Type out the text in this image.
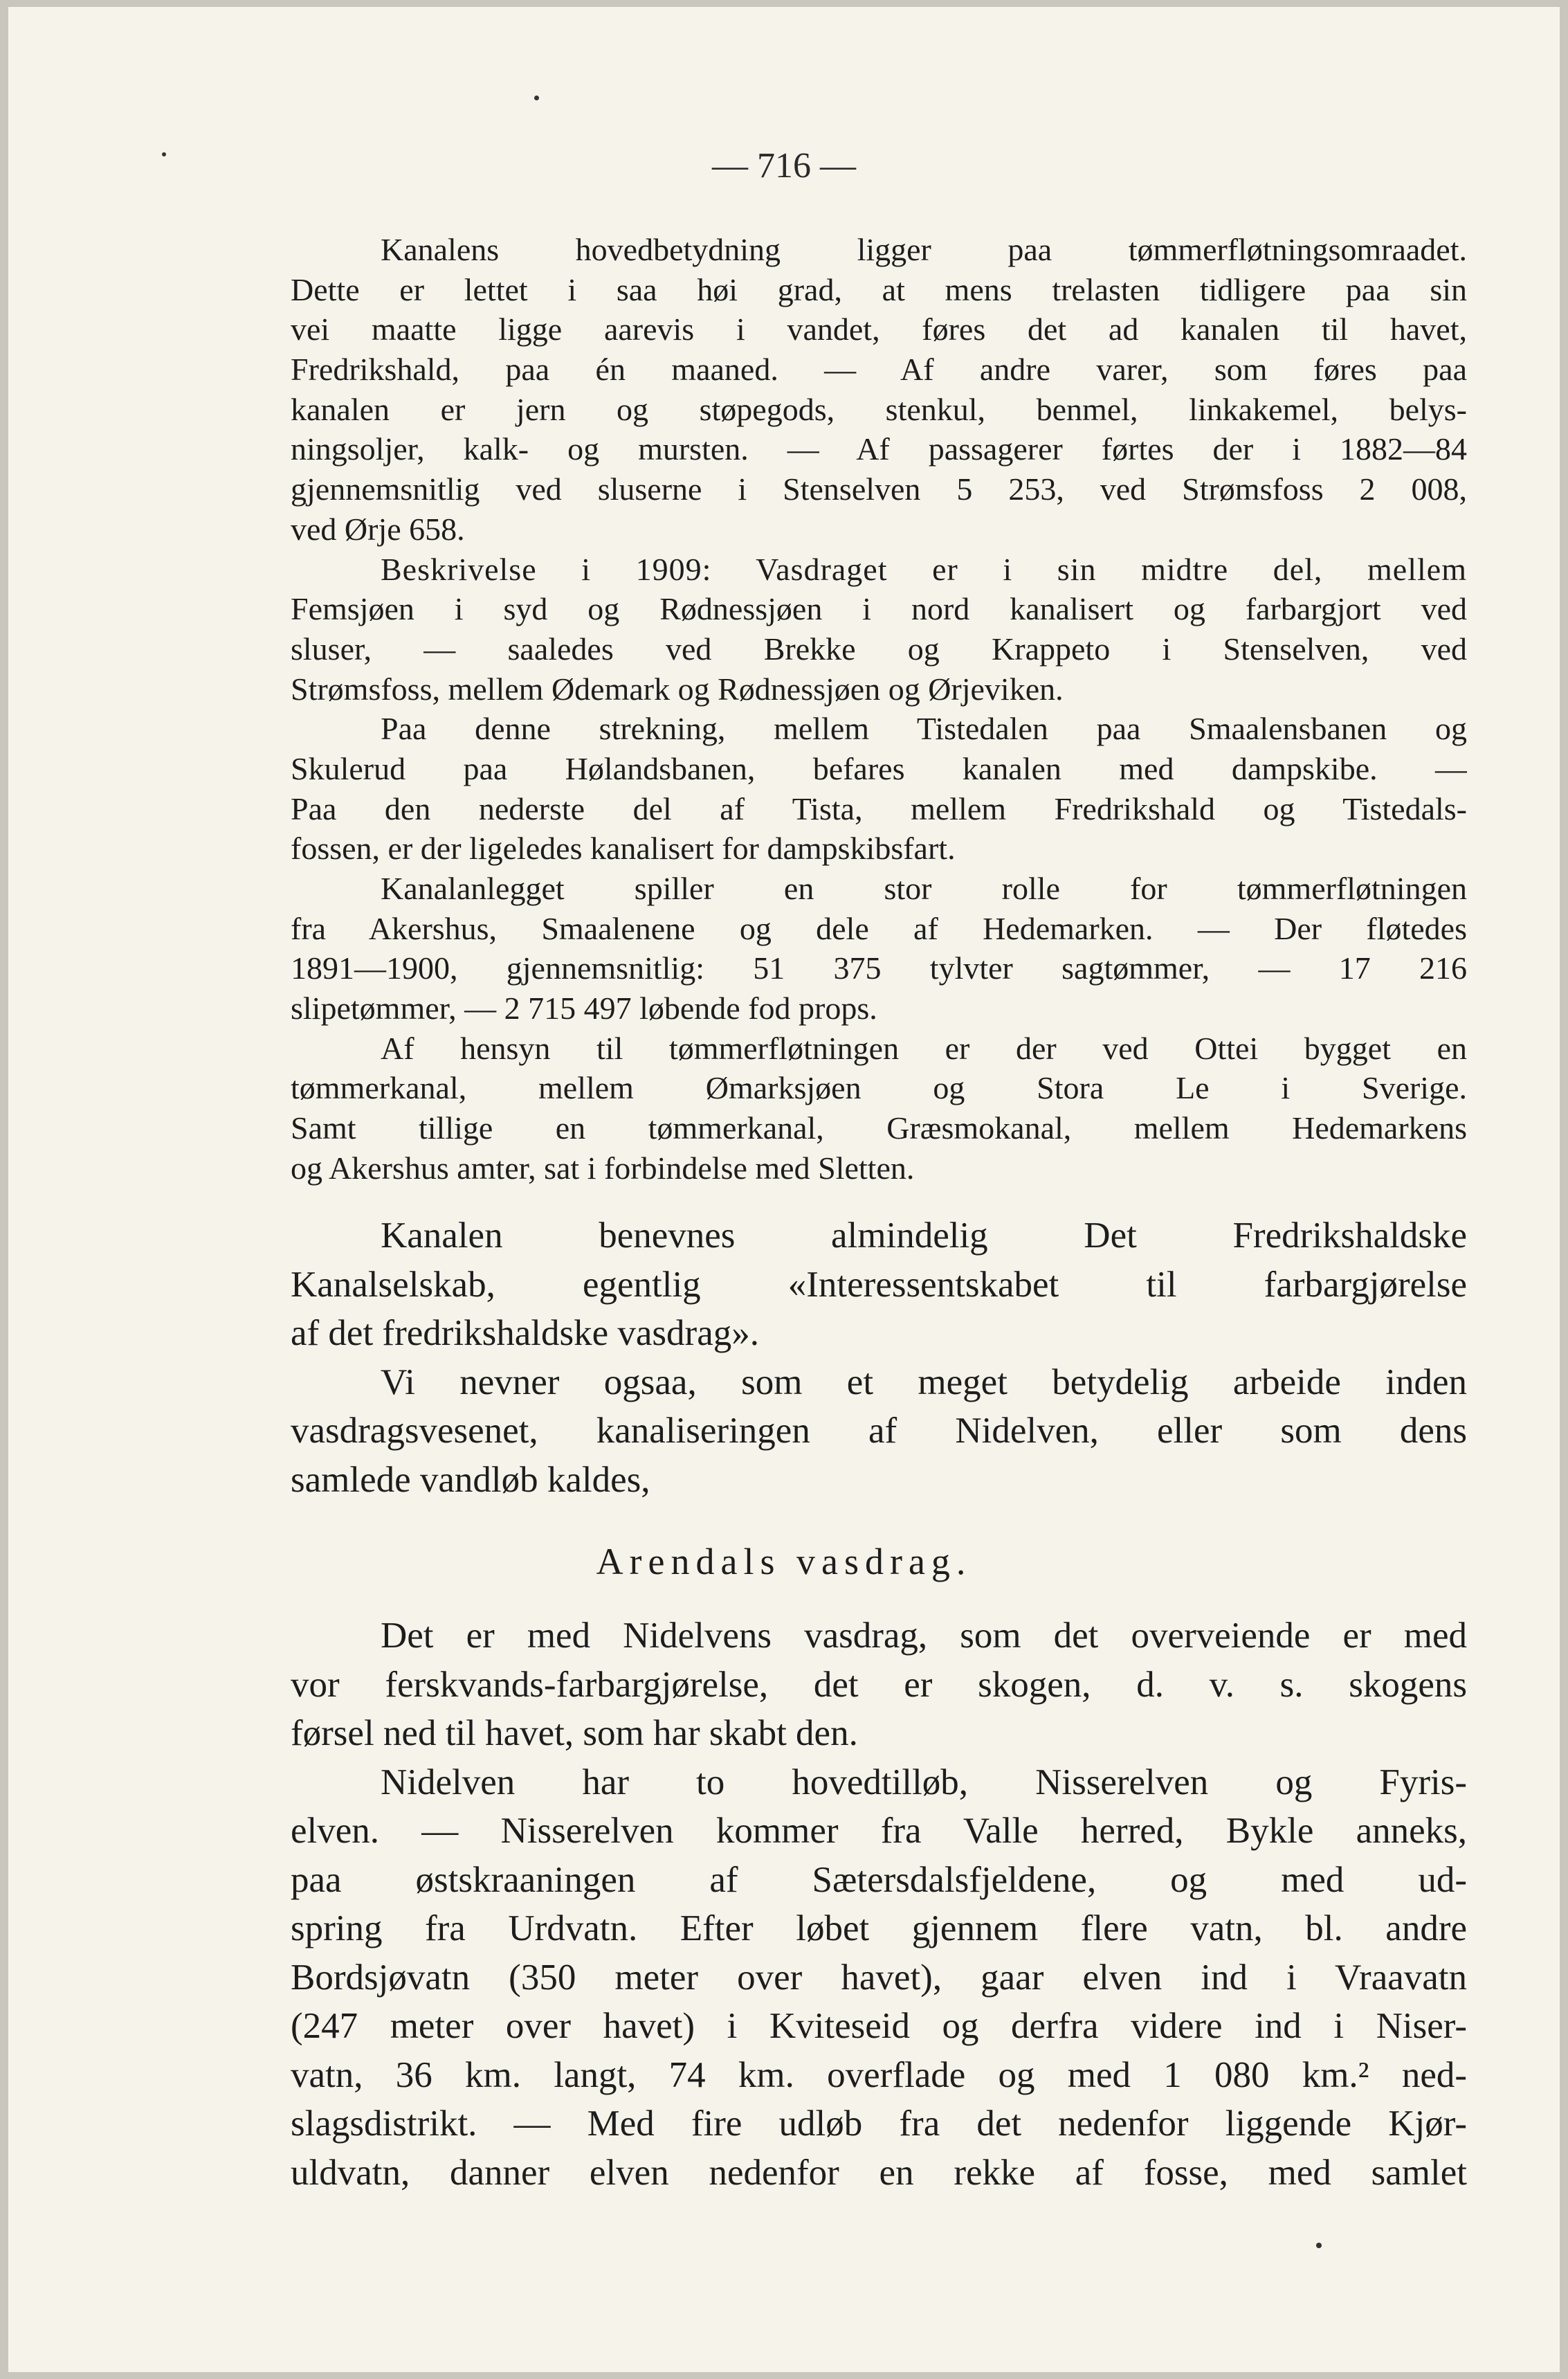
— 716 —
Kanalens hovedbetydning ligger paa tømmerfløtningsomraadet.
Dette er lettet i saa høi grad, at mens trelasten tidligere paa sin
vei maatte ligge aarevis i vandet, føres det ad kanalen til havet,
Fredrikshald, paa én maaned. — Af andre varer, som føres paa
kanalen er jern og støpegods, stenkul, benmel, linkakemel, belys-
ningsoljer, kalk- og mursten. — Af passagerer førtes der i 1882—84
gjennemsnitlig ved sluserne i Stenselven 5 253, ved Strømsfoss 2 008,
ved Ørje 658.
Beskrivelse i 1909: Vasdraget er i sin midtre del, mellem
Femsjøen i syd og Rødnessjøen i nord kanalisert og farbargjort ved
sluser, — saaledes ved Brekke og Krappeto i Stenselven, ved
Strømsfoss, mellem Ødemark og Rødnessjøen og Ørjeviken.
Paa denne strekning, mellem Tistedalen paa Smaalensbanen og
Skulerud paa Hølandsbanen, befares kanalen med dampskibe. —
Paa den nederste del af Tista, mellem Fredrikshald og Tistedals-
fossen, er der ligeledes kanalisert for dampskibsfart.
Kanalanlegget spiller en stor rolle for tømmerfløtningen
fra Akershus, Smaalenene og dele af Hedemarken. — Der fløtedes
1891—1900, gjennemsnitlig: 51 375 tylvter sagtømmer, — 17 216
slipetømmer, — 2 715 497 løbende fod props.
Af hensyn til tømmerfløtningen er der ved Ottei bygget en
tømmerkanal, mellem Ømarksjøen og Stora Le i Sverige.
Samt tillige en tømmerkanal, Græsmokanal, mellem Hedemarkens
og Akershus amter, sat i forbindelse med Sletten.
Kanalen benevnes almindelig Det Fredrikshaldske
Kanalselskab, egentlig «Interessentskabet til farbargjørelse
af det fredrikshaldske vasdrag».
Vi nevner ogsaa, som et meget betydelig arbeide inden
vasdragsvesenet, kanaliseringen af Nidelven, eller som dens
samlede vandløb kaldes,
Arendals vasdrag.
Det er med Nidelvens vasdrag, som det overveiende er med
vor ferskvands-farbargjørelse, det er skogen, d. v. s. skogens
førsel ned til havet, som har skabt den.
Nidelven har to hovedtilløb, Nisserelven og Fyris-
elven. — Nisserelven kommer fra Valle herred, Bykle anneks,
paa østskraaningen af Sætersdalsfjeldene, og med ud-
spring fra Urdvatn. Efter løbet gjennem flere vatn, bl. andre
Bordsjøvatn (350 meter over havet), gaar elven ind i Vraavatn
(247 meter over havet) i Kviteseid og derfra videre ind i Niser-
vatn, 36 km. langt, 74 km. overflade og med 1 080 km.² ned-
slagsdistrikt. — Med fire udløb fra det nedenfor liggende Kjør-
uldvatn, danner elven nedenfor en rekke af fosse, med samlet
